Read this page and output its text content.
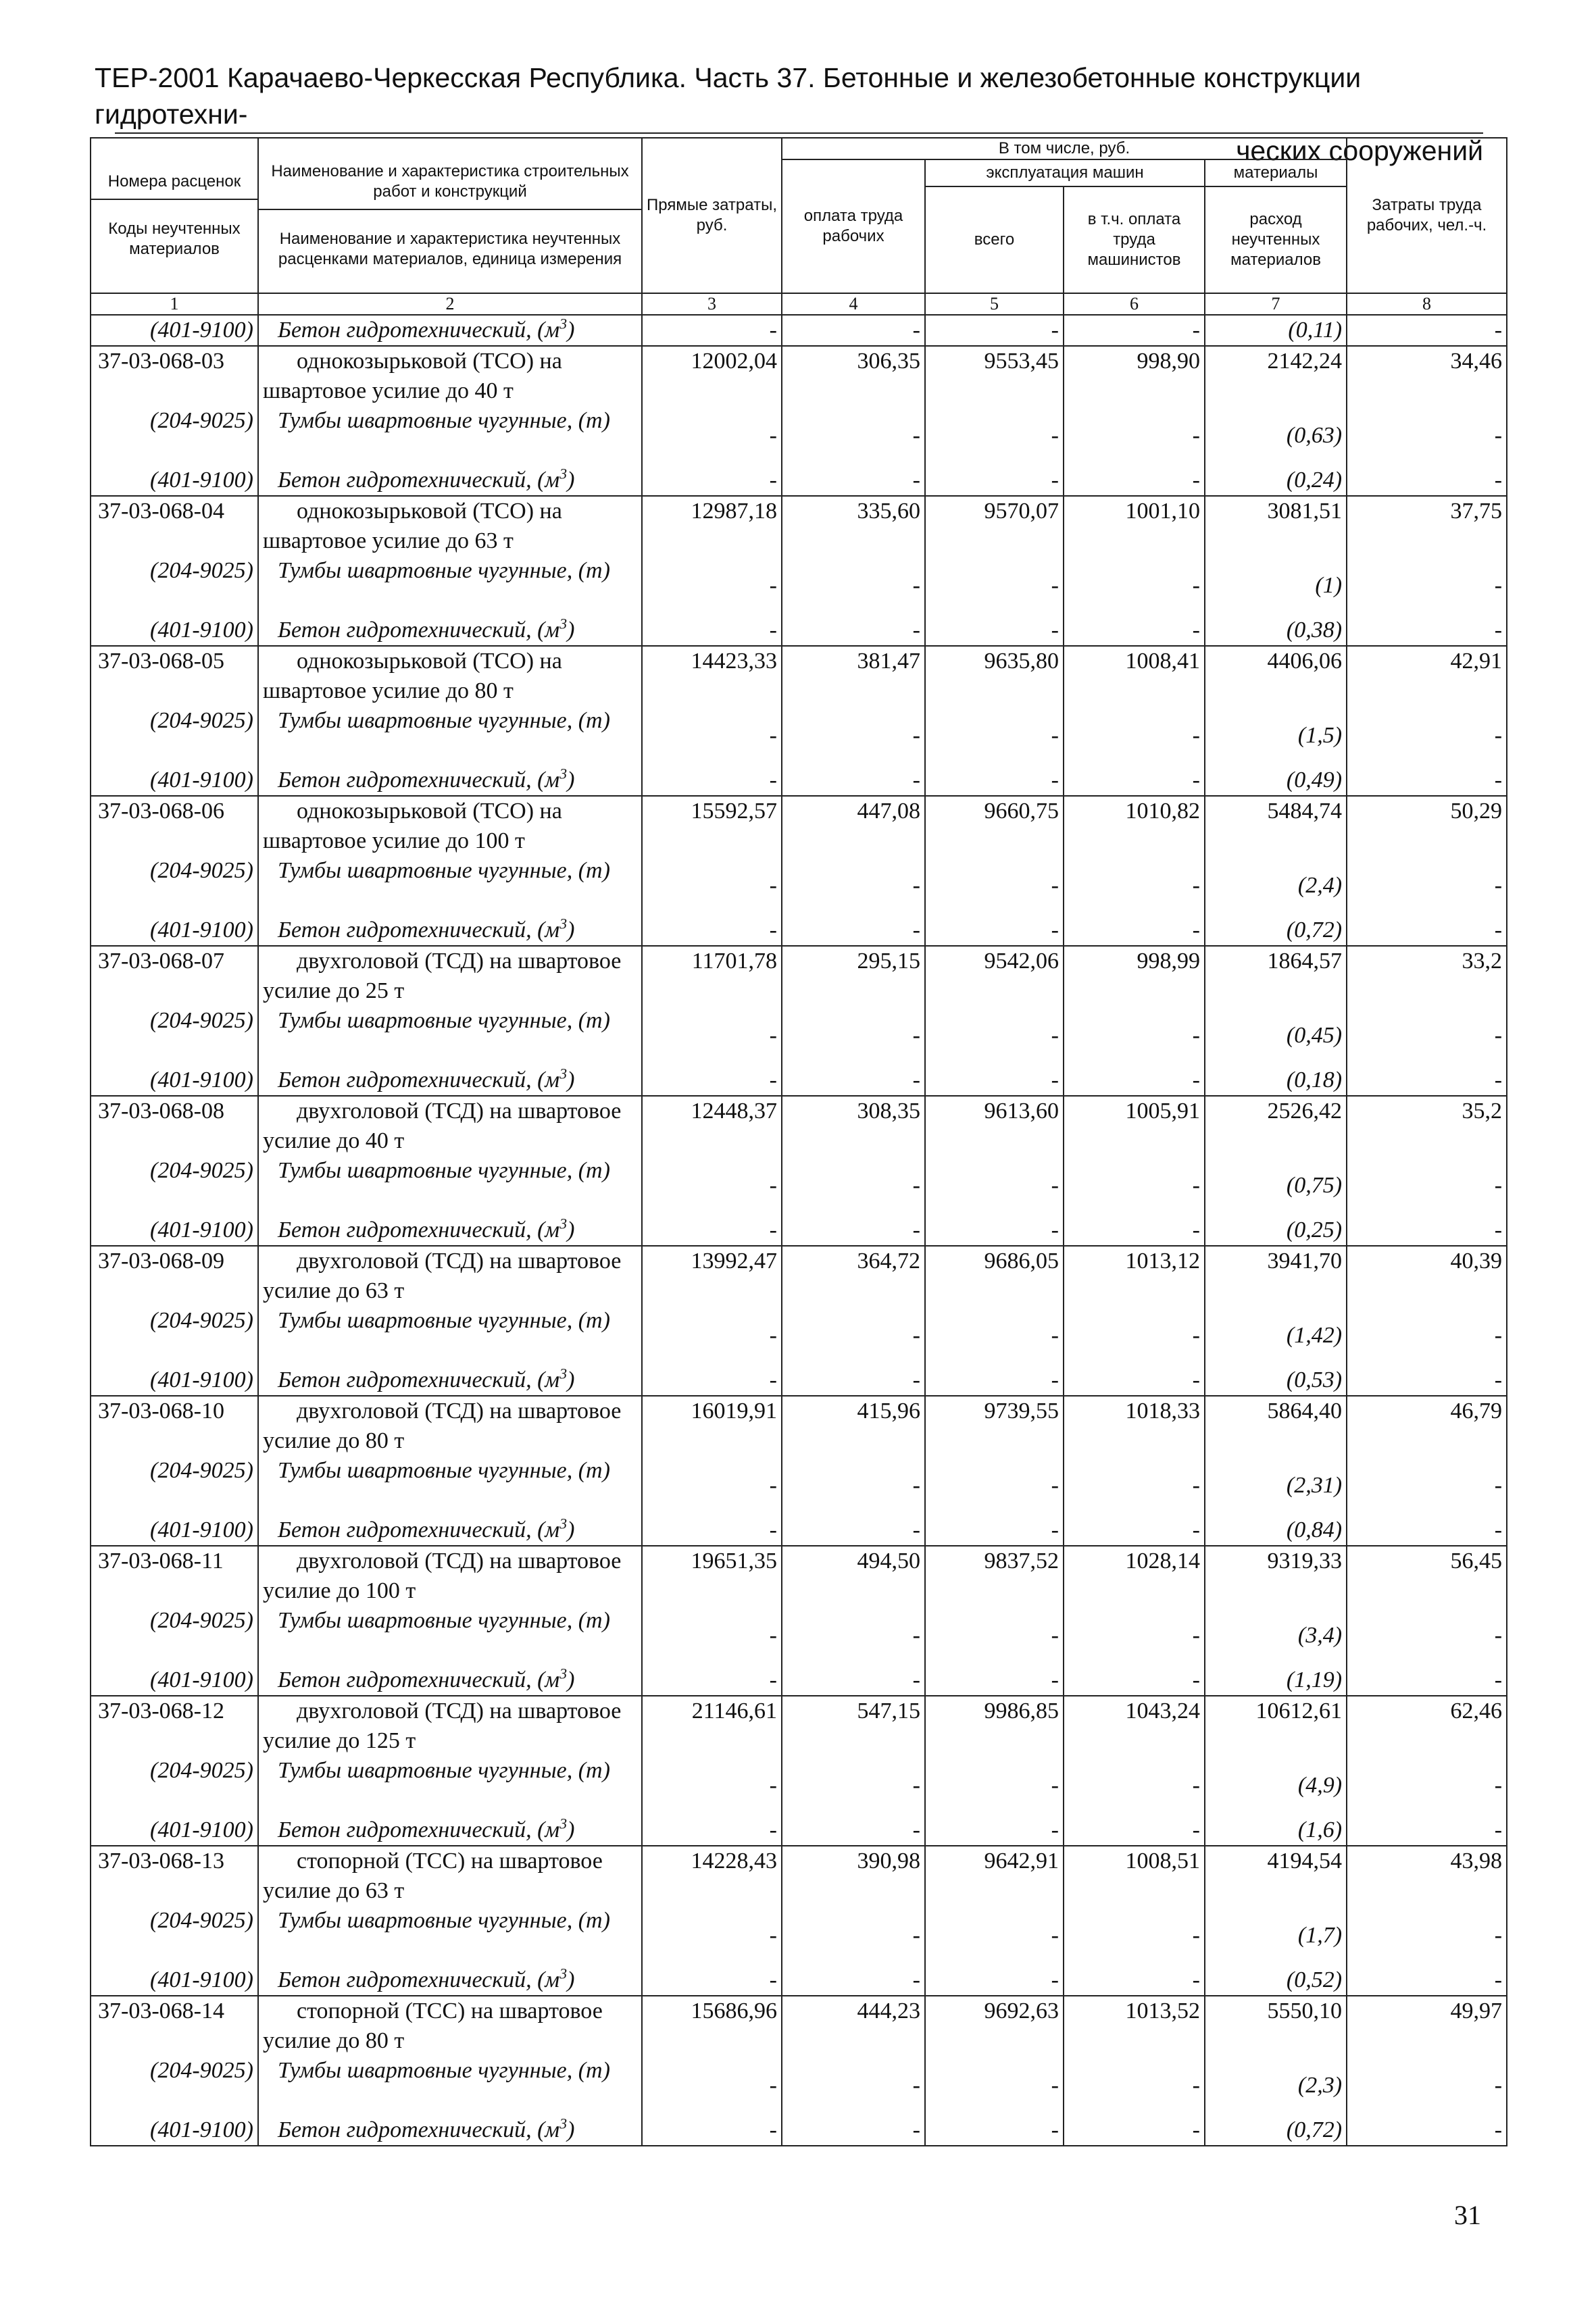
ТЕР-2001 Карачаево-Черкесская Республика. Часть 37. Бетонные и железобетонные конструкции гидротехни-
ческих сооружений
Номера расценок
Коды неучтенных материалов	Наименование и характеристика строительных работ и конструкций
Наименование и характеристика неучтенных расценками материалов, единица измерения	Прямые затраты, руб.	В том числе, руб.				Затраты труда рабочих, чел.-ч.
			оплата труда рабочих	эксплуатация машин		материалы	
				всего	в т.ч. оплата труда машинистов	расход неучтенных материалов	
1	2	3	4	5	6	7	8
(401-9100)	Бетон гидротехнический, $(м^3)$	-	-	-	-	(0,11)	-
37-03-068-03	однокозырьковой (ТСО) на швартовое усилие до 40 т	12002,04	306,35	9553,45	998,90	2142,24	34,46
(204-9025)	Тумбы швартовные чугунные, (т)	-	-	-	-	(0,63)	-
(401-9100)	Бетон гидротехнический, $(м^3)$	-	-	-	-	(0,24)	-
37-03-068-04	однокозырьковой (ТСО) на швартовое усилие до 63 т	12987,18	335,60	9570,07	1001,10	3081,51	37,75
(204-9025)	Тумбы швартовные чугунные, (т)	-	-	-	-	(1)	-
(401-9100)	Бетон гидротехнический, $(м^3)$	-	-	-	-	(0,38)	-
37-03-068-05	однокозырьковой (ТСО) на швартовое усилие до 80 т	14423,33	381,47	9635,80	1008,41	4406,06	42,91
(204-9025)	Тумбы швартовные чугунные, (т)	-	-	-	-	(1,5)	-
(401-9100)	Бетон гидротехнический, $(м^3)$	-	-	-	-	(0,49)	-
37-03-068-06	однокозырьковой (ТСО) на швартовое усилие до 100 т	15592,57	447,08	9660,75	1010,82	5484,74	50,29
(204-9025)	Тумбы швартовные чугунные, (т)	-	-	-	-	(2,4)	-
(401-9100)	Бетон гидротехнический, $(м^3)$	-	-	-	-	(0,72)	-
37-03-068-07	двухголовой (ТСД) на швартовое усилие до 25 т	11701,78	295,15	9542,06	998,99	1864,57	33,2
(204-9025)	Тумбы швартовные чугунные, (т)	-	-	-	-	(0,45)	-
(401-9100)	Бетон гидротехнический, $(м^3)$	-	-	-	-	(0,18)	-
37-03-068-08	двухголовой (ТСД) на швартовое усилие до 40 т	12448,37	308,35	9613,60	1005,91	2526,42	35,2
(204-9025)	Тумбы швартовные чугунные, (т)	-	-	-	-	(0,75)	-
(401-9100)	Бетон гидротехнический, $(м^3)$	-	-	-	-	(0,25)	-
37-03-068-09	двухголовой (ТСД) на швартовое усилие до 63 т	13992,47	364,72	9686,05	1013,12	3941,70	40,39
(204-9025)	Тумбы швартовные чугунные, (т)	-	-	-	-	(1,42)	-
(401-9100)	Бетон гидротехнический, $(м^3)$	-	-	-	-	(0,53)	-
37-03-068-10	двухголовой (ТСД) на швартовое усилие до 80 т	16019,91	415,96	9739,55	1018,33	5864,40	46,79
(204-9025)	Тумбы швартовные чугунные, (т)	-	-	-	-	(2,31)	-
(401-9100)	Бетон гидротехнический, $(м^3)$	-	-	-	-	(0,84)	-
37-03-068-11	двухголовой (ТСД) на швартовое усилие до 100 т	19651,35	494,50	9837,52	1028,14	9319,33	56,45
(204-9025)	Тумбы швартовные чугунные, (т)	-	-	-	-	(3,4)	-
(401-9100)	Бетон гидротехнический, $(м^3)$	-	-	-	-	(1,19)	-
37-03-068-12	двухголовой (ТСД) на швартовое усилие до 125 т	21146,61	547,15	9986,85	1043,24	10612,61	62,46
(204-9025)	Тумбы швартовные чугунные, (т)	-	-	-	-	(4,9)	-
(401-9100)	Бетон гидротехнический, $(м^3)$	-	-	-	-	(1,6)	-
37-03-068-13	стопорной (ТСС) на швартовое усилие до 63 т	14228,43	390,98	9642,91	1008,51	4194,54	43,98
(204-9025)	Тумбы швартовные чугунные, (т)	-	-	-	-	(1,7)	-
(401-9100)	Бетон гидротехнический, $(м^3)$	-	-	-	-	(0,52)	-
37-03-068-14	стопорной (ТСС) на швартовое усилие до 80 т	15686,96	444,23	9692,63	1013,52	5550,10	49,97
(204-9025)	Тумбы швартовные чугунные, (т)	-	-	-	-	(2,3)	-
(401-9100)	Бетон гидротехнический, $(м^3)$	-	-	-	-	(0,72)	-
31
